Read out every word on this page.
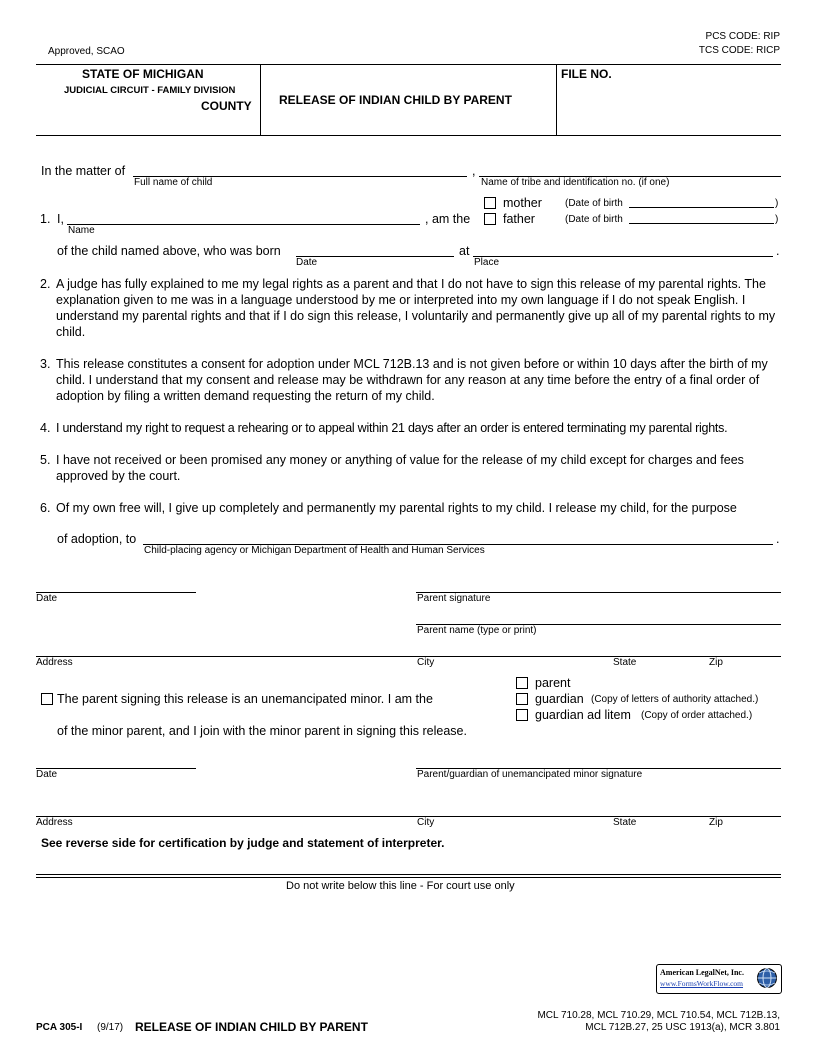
Approved, SCAO
PCS CODE: RIP
TCS CODE: RICP
STATE OF MICHIGAN
JUDICIAL CIRCUIT - FAMILY DIVISION
COUNTY RELEASE OF INDIAN CHILD BY PARENT
FILE NO.
In the matter of	,
Full name of child	Name of tribe and identification no. (if one)
1. I,
Name
, am the
mother
father
(Date of birth	)
(Date of birth	)
of the child named above, who was born
Date
at
Place
.
2. A judge has fully explained to me my legal rights as a parent and that I do not have to sign this release of my parental rights. The explanation given to me was in a language understood by me or interpreted into my own language if I do not speak English. I understand my parental rights and that if I do sign this release, I voluntarily and permanently give up all of my parental rights to my child.
3. This release constitutes a consent for adoption under MCL 712B.13 and is not given before or within 10 days after the birth of my child. I understand that my consent and release may be withdrawn for any reason at any time before the entry of a final order of adoption by filing a written demand requesting the return of my child.
4. I understand my right to request a rehearing or to appeal within 21 days after an order is entered terminating my parental rights.
5. I have not received or been promised any money or anything of value for the release of my child except for charges and fees approved by the court.
6. Of my own free will, I give up completely and permanently my parental rights to my child. I release my child, for the purpose
of adoption, to
Child-placing agency or Michigan Department of Health and Human Services
.
Date	Parent signature
Parent name (type or print)
Address	City	State	Zip
The parent signing this release is an unemancipated minor. I am the
parent
guardian (Copy of letters of authority attached.)
guardian ad litem (Copy of order attached.)
of the minor parent, and I join with the minor parent in signing this release.
Date	Parent/guardian of unemancipated minor signature
Address	City	State	Zip
See reverse side for certification by judge and statement of interpreter.
Do not write below this line - For court use only
American LegalNet, Inc.
www.FormsWorkFlow.com
PCA 305-I (9/17) RELEASE OF INDIAN CHILD BY PARENT
MCL 710.28, MCL 710.29, MCL 710.54, MCL 712B.13,
MCL 712B.27, 25 USC 1913(a), MCR 3.801
